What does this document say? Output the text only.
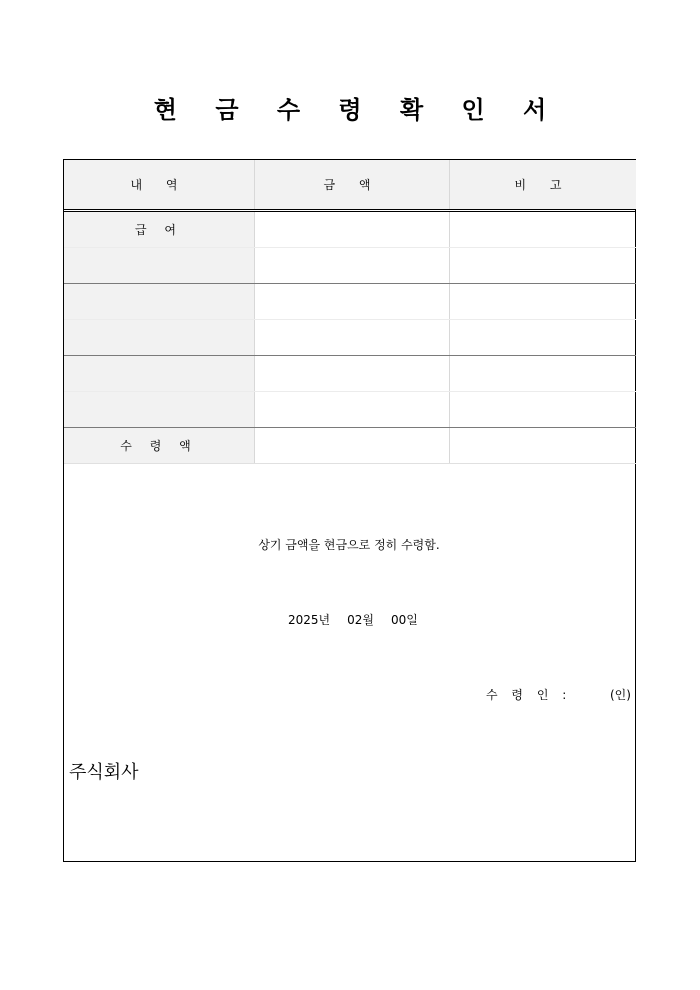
현 금 수 령 확 인 서
내 역	금 액	비 고
급 여		

수 령 액		
상기 금액을 현금으로 정히 수령함.
2025년 02월 00일
수 령 인 :	(인)
주식회사
